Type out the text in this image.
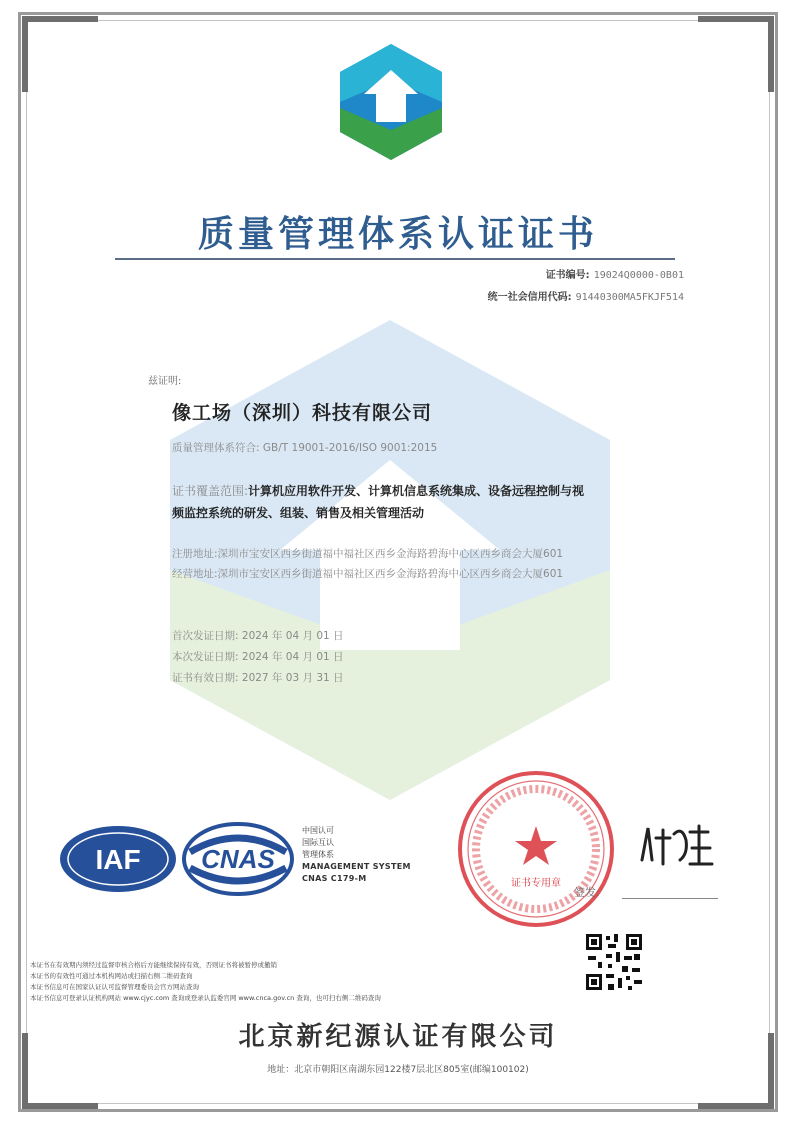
质量管理体系认证证书
证书编号: 19024Q0000-0B01
统一社会信用代码: 91440300MA5FKJF514
兹证明:
像工场（深圳）科技有限公司
质量管理体系符合: GB/T 19001-2016/ISO 9001:2015
证书覆盖范围:计算机应用软件开发、计算机信息系统集成、设备远程控制与视
频监控系统的研发、组装、销售及相关管理活动
注册地址:深圳市宝安区西乡街道福中福社区西乡金海路碧海中心区西乡商会大厦601
经营地址:深圳市宝安区西乡街道福中福社区西乡金海路碧海中心区西乡商会大厦601
首次发证日期: 2024 年 04 月 01 日
本次发证日期: 2024 年 04 月 01 日
证书有效日期: 2027 年 03 月 31 日
IAF CNAS
中国认可
国际互认
管理体系
MANAGEMENT SYSTEM
CNAS C179-M	证书专用章
签发:
本证书在有效期内须经过监督审核合格后方能继续保持有效，否则证书将被暂停或撤销
本证书的有效性可通过本机构网站或扫描右侧二维码查询
本证书信息可在国家认证认可监督管理委员会官方网站查询
本证书信息可登录认证机构网站 www.cjyc.com 查询或登录认监委官网 www.cnca.gov.cn 查询，也可扫右侧二维码查询
北京新纪源认证有限公司
地址：北京市朝阳区南湖东园122楼7层北区805室(邮编100102)
